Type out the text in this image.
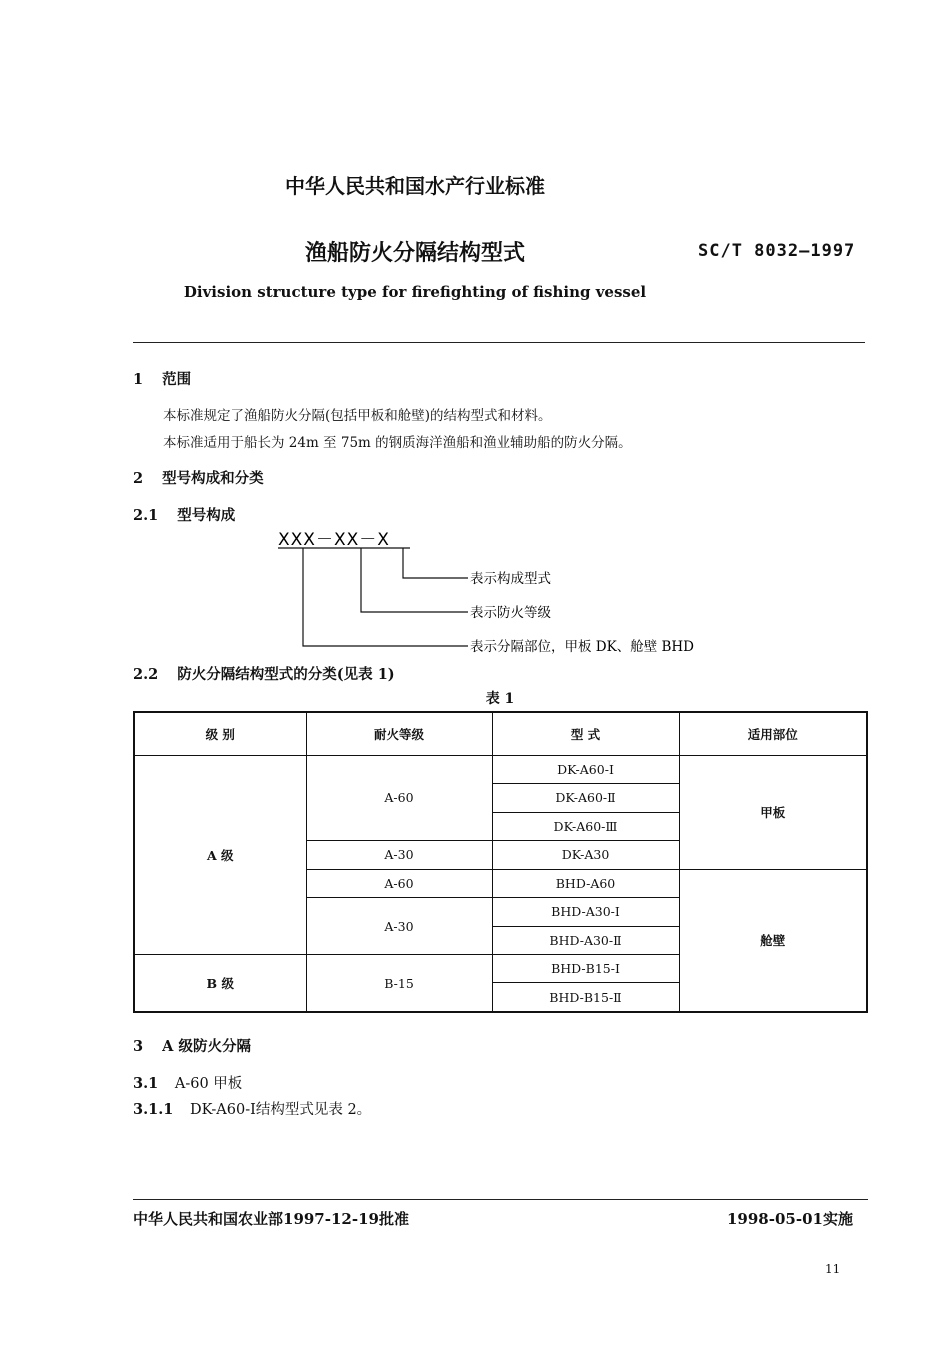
中华人民共和国水产行业标准
渔船防火分隔结构型式	SC/T 8032—1997
Division structure type for firefighting of fishing vessel
1 范围
本标准规定了渔船防火分隔(包括甲板和舱壁)的结构型式和材料。
本标准适用于船长为 24m 至 75m 的钢质海洋渔船和渔业辅助船的防火分隔。
2 型号构成和分类
2.1 型号构成
XXX－XX－X
表示构成型式
表示防火等级
表示分隔部位，甲板 DK、舱壁 BHD
2.2 防火分隔结构型式的分类(见表 1)
表 1
级 别	耐火等级	型 式	适用部位
A 级	A-60	DK-A60-Ⅰ	甲板
		DK-A60-Ⅱ	
		DK-A60-Ⅲ	
	A-30	DK-A30	
	A-60	BHD-A60	舱壁
	A-30	BHD-A30-Ⅰ	
		BHD-A30-Ⅱ	
B 级	B-15	BHD-B15-Ⅰ	
		BHD-B15-Ⅱ	
3 A 级防火分隔
3.1 A-60 甲板
3.1.1 DK-A60-Ⅰ结构型式见表 2。
中华人民共和国农业部1997-12-19批准	1998-05-01实施
11
